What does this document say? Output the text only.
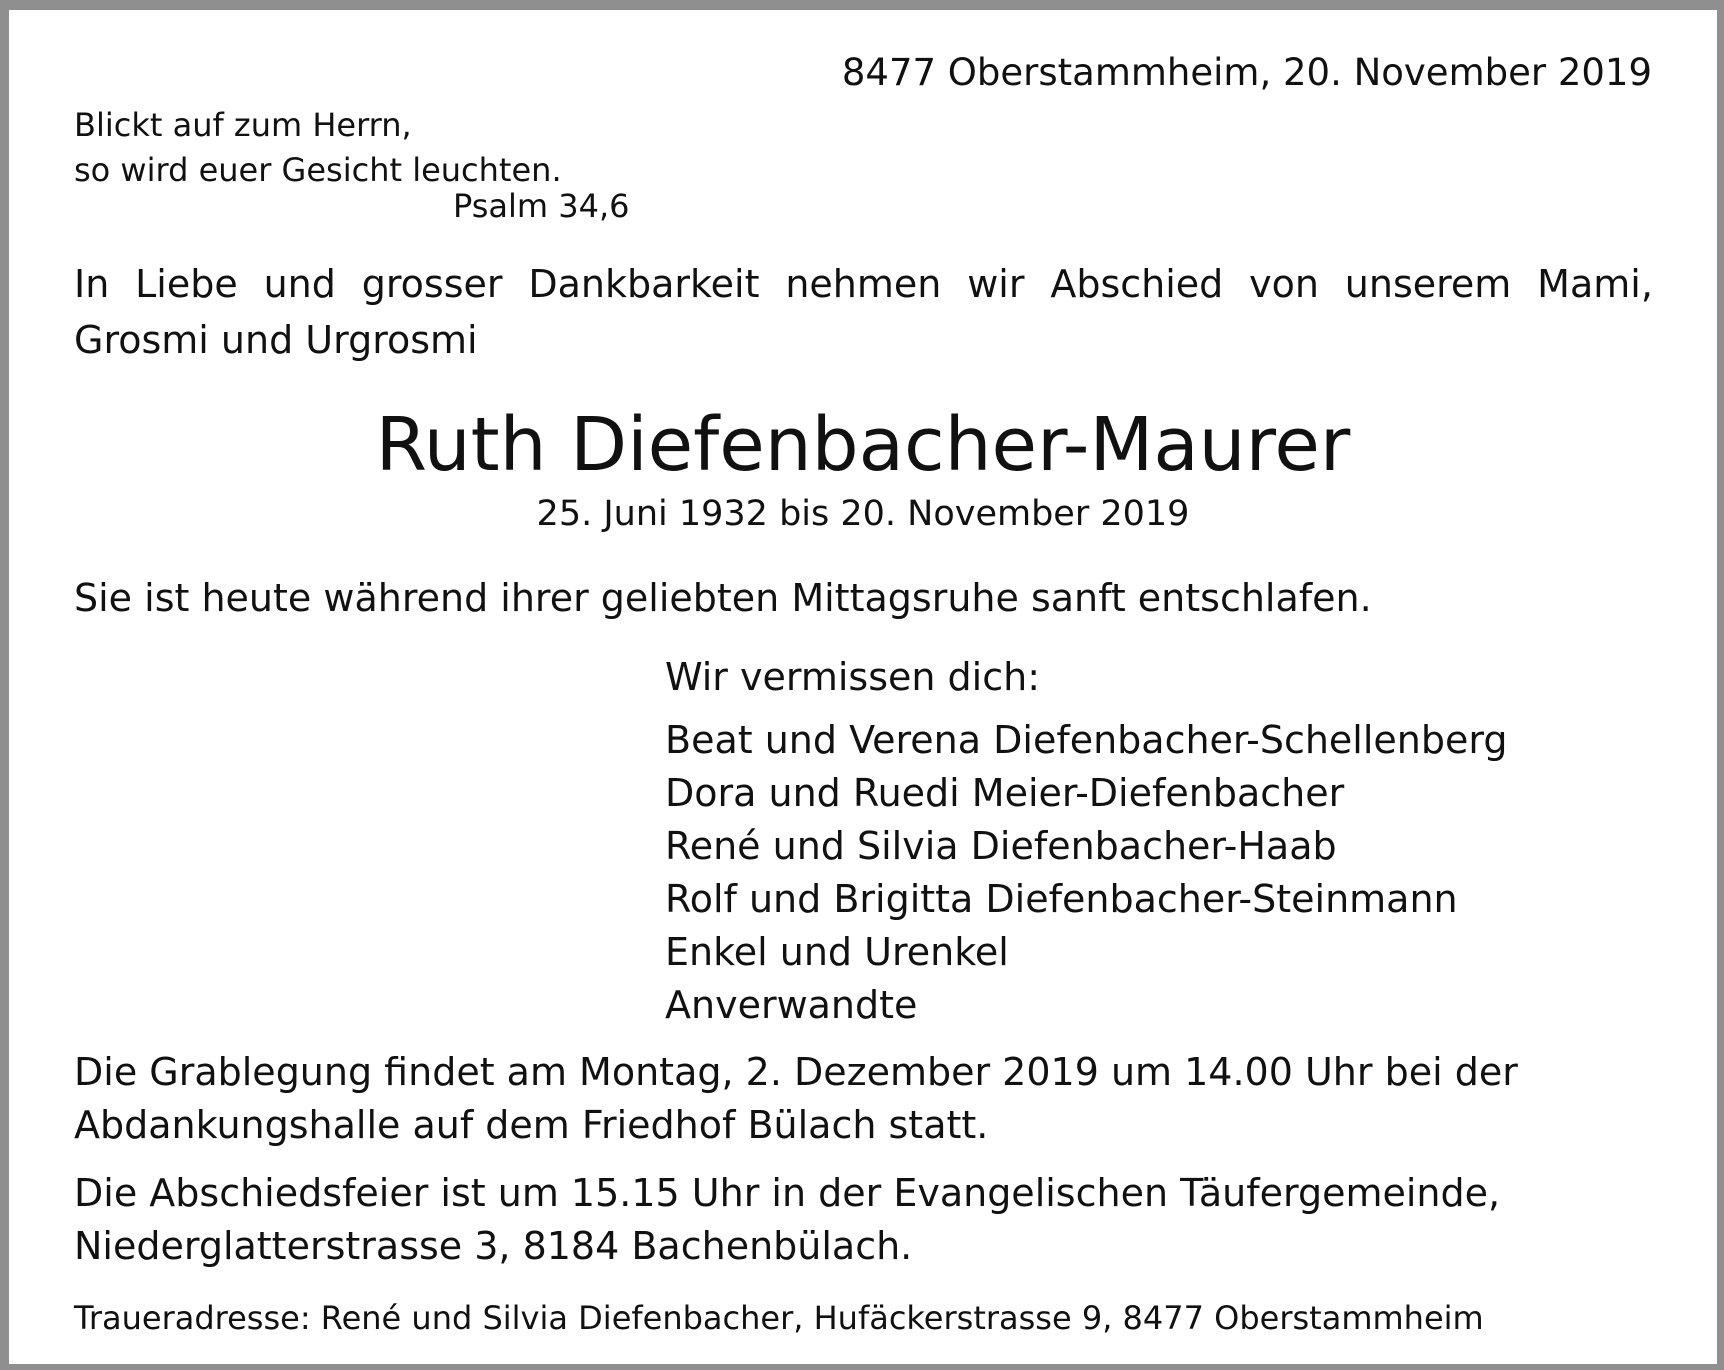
8477 Oberstammheim, 20. November 2019
Blickt auf zum Herrn,
so wird euer Gesicht leuchten.
Psalm 34,6
In Liebe und grosser Dankbarkeit nehmen wir Abschied von unserem Mami,
Grosmi und Urgrosmi
Ruth Diefenbacher-Maurer
25. Juni 1932 bis 20. November 2019
Sie ist heute während ihrer geliebten Mittagsruhe sanft entschlafen.
Wir vermissen dich:
Beat und Verena Diefenbacher-Schellenberg
Dora und Ruedi Meier-Diefenbacher
René und Silvia Diefenbacher-Haab
Rolf und Brigitta Diefenbacher-Steinmann
Enkel und Urenkel
Anverwandte
Die Grablegung findet am Montag, 2. Dezember 2019 um 14.00 Uhr bei der
Abdankungshalle auf dem Friedhof Bülach statt.
Die Abschiedsfeier ist um 15.15 Uhr in der Evangelischen Täufergemeinde,
Niederglatterstrasse 3, 8184 Bachenbülach.
Traueradresse: René und Silvia Diefenbacher, Hufäckerstrasse 9, 8477 Oberstammheim
